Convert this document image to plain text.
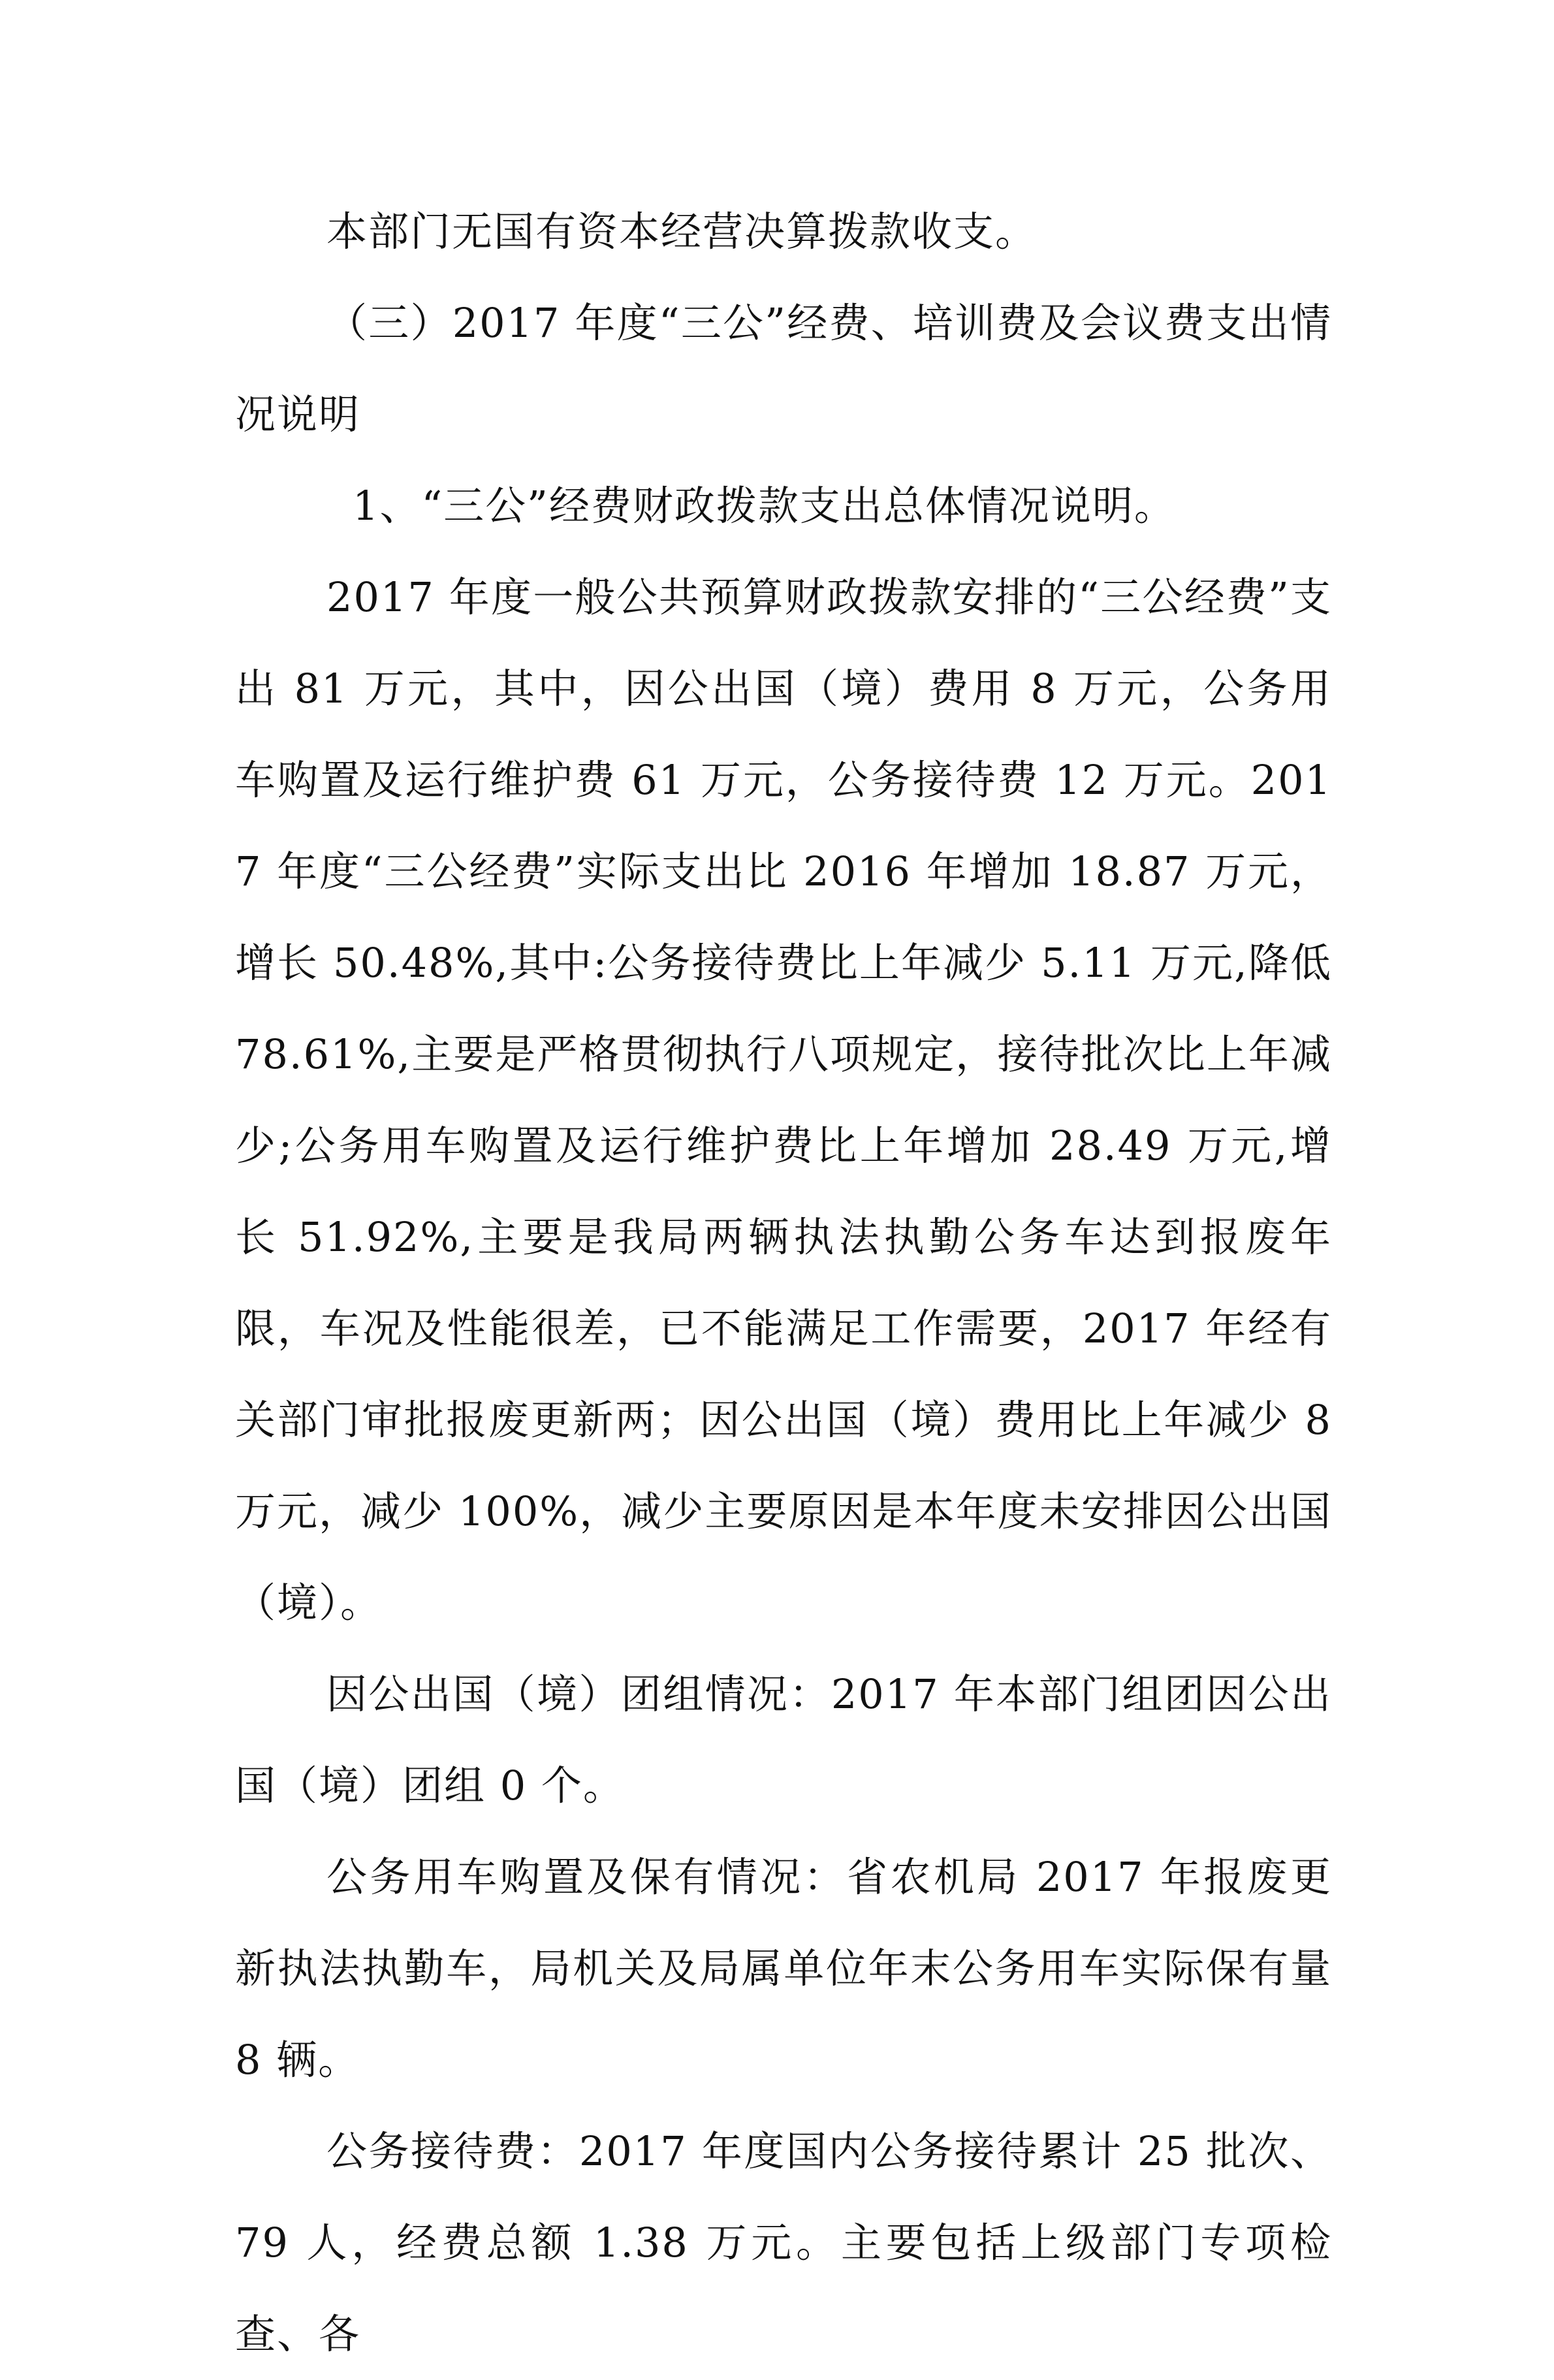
本部门无国有资本经营决算拨款收支。

（三）2017 年度“三公”经费、培训费及会议费支出情况说明

1、“三公”经费财政拨款支出总体情况说明。

2017 年度一般公共预算财政拨款安排的“三公经费”支出 81 万元，其中，因公出国（境）费用 8 万元，公务用车购置及运行维护费 61 万元，公务接待费 12 万元。2017 年度“三公经费”实际支出比 2016 年增加 18.87 万元，增长 50.48%,其中:公务接待费比上年减少 5.11 万元,降低 78.61%,主要是严格贯彻执行八项规定，接待批次比上年减少;公务用车购置及运行维护费比上年增加 28.49 万元,增长 51.92%,主要是我局两辆执法执勤公务车达到报废年限，车况及性能很差，已不能满足工作需要，2017 年经有关部门审批报废更新两；因公出国（境）费用比上年减少 8 万元，减少 100%，减少主要原因是本年度未安排因公出国（境）。

因公出国（境）团组情况：2017 年本部门组团因公出国（境）团组 0 个。

公务用车购置及保有情况：省农机局 2017 年报废更新执法执勤车，局机关及局属单位年末公务用车实际保有量 8 辆。

公务接待费：2017 年度国内公务接待累计 25 批次、79 人，经费总额 1.38 万元。主要包括上级部门专项检查、各
